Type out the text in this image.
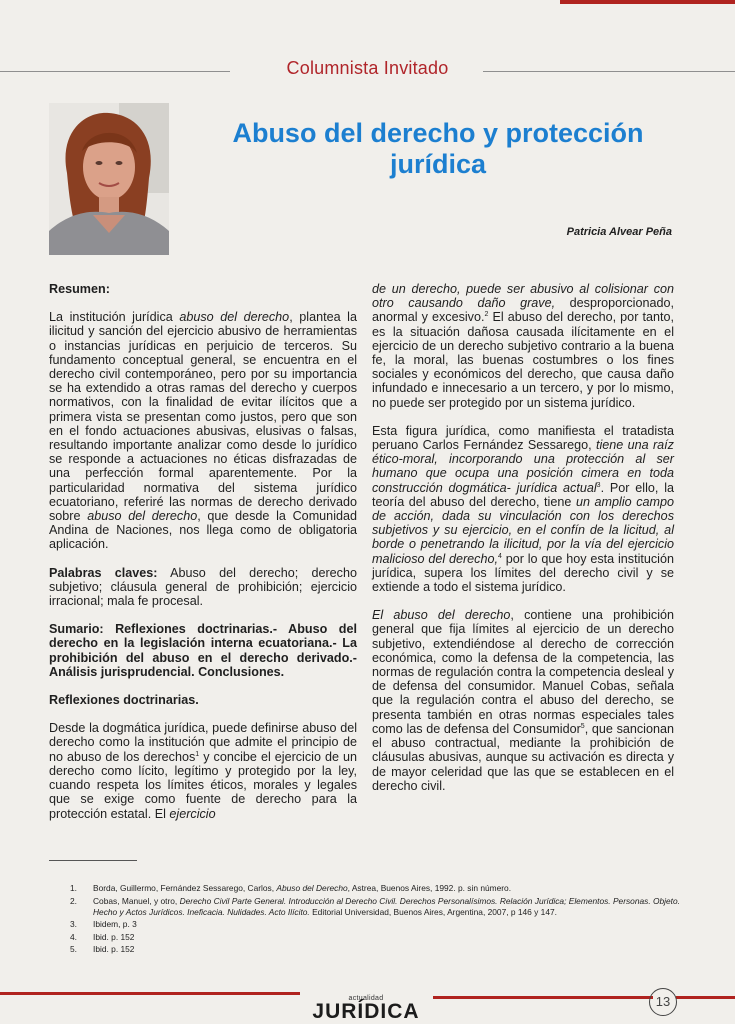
Columnista Invitado
Abuso del derecho y protección jurídica
Patricia Alvear Peña
Resumen:

La institución jurídica abuso del derecho, plantea la ilicitud y sanción del ejercicio abusivo de herramientas o instancias jurídicas en perjuicio de terceros. Su fundamento conceptual general, se encuentra en el derecho civil contemporáneo, pero por su importancia se ha extendido a otras ramas del derecho y cuerpos normativos, con la finalidad de evitar ilícitos que a primera vista se presentan como justos, pero que son en el fondo actuaciones abusivas, elusivas o falsas, resultando importante analizar como desde lo jurídico se responde a actuaciones no éticas disfrazadas de una perfección formal aparentemente. Por la particularidad normativa del sistema jurídico ecuatoriano, referiré las normas de derecho derivado sobre abuso del derecho, que desde la Comunidad Andina de Naciones, nos llega como de obligatoria aplicación.

Palabras claves: Abuso del derecho; derecho subjetivo; cláusula general de prohibición; ejercicio irracional; mala fe procesal.

Sumario: Reflexiones doctrinarias.- Abuso del derecho en la legislación interna ecuatoriana.- La prohibición del abuso en el derecho derivado.- Análisis jurisprudencial. Conclusiones.

Reflexiones doctrinarias.

Desde la dogmática jurídica, puede definirse abuso del derecho como la institución que admite el principio de no abuso de los derechos$^1$ y concibe el ejercicio de un derecho como lícito, legítimo y protegido por la ley, cuando respeta los límites éticos, morales y legales que se exige como fuente de derecho para la protección estatal. El ejercicio

de un derecho, puede ser abusivo al colisionar con otro causando daño grave, desproporcionado, anormal y excesivo.$^2$ El abuso del derecho, por tanto, es la situación dañosa causada ilícitamente en el ejercicio de un derecho subjetivo contrario a la buena fe, la moral, las buenas costumbres o los fines sociales y económicos del derecho, que causa daño infundado e innecesario a un tercero, y por lo mismo, no puede ser protegido por un sistema jurídico.

Esta figura jurídica, como manifiesta el tratadista peruano Carlos Fernández Sessarego, tiene una raíz ético-moral, incorporando una protección al ser humano que ocupa una posición cimera en toda construcción dogmática- jurídica actual$^3$. Por ello, la teoría del abuso del derecho, tiene un amplio campo de acción, dada su vinculación con los derechos subjetivos y su ejercicio, en el confín de la licitud, al borde o penetrando la ilicitud, por la vía del ejercicio malicioso del derecho,$^4$ por lo que hoy esta institución jurídica, supera los límites del derecho civil y se extiende a todo el sistema jurídico.

El abuso del derecho, contiene una prohibición general que fija límites al ejercicio de un derecho subjetivo, extendiéndose al derecho de corrección económica, como la defensa de la competencia, las normas de regulación contra la competencia desleal y de defensa del consumidor. Manuel Cobas, señala que la regulación contra el abuso del derecho, se presenta también en otras normas especiales tales como las de defensa del Consumidor$^5$, que sancionan el abuso contractual, mediante la prohibición de cláusulas abusivas, aunque su activación es directa y de mayor celeridad que las que se establecen en el derecho civil.

1. Borda, Guillermo, Fernández Sessarego, Carlos, Abuso del Derecho, Astrea, Buenos Aires, 1992. p. sin número.
2. Cobas, Manuel, y otro, Derecho Civil Parte General. Introducción al Derecho Civil. Derechos Personalísimos. Relación Jurídica; Elementos. Personas. Objeto. Hecho y Actos Jurídicos. Ineficacia. Nulidades. Acto Ilícito. Editorial Universidad, Buenos Aires, Argentina, 2007, p 146 y 147.
3. Ibidem, p. 3
4. Ibid. p. 152
5. Ibid. p. 152
actualidad
JURÍDICA	13
